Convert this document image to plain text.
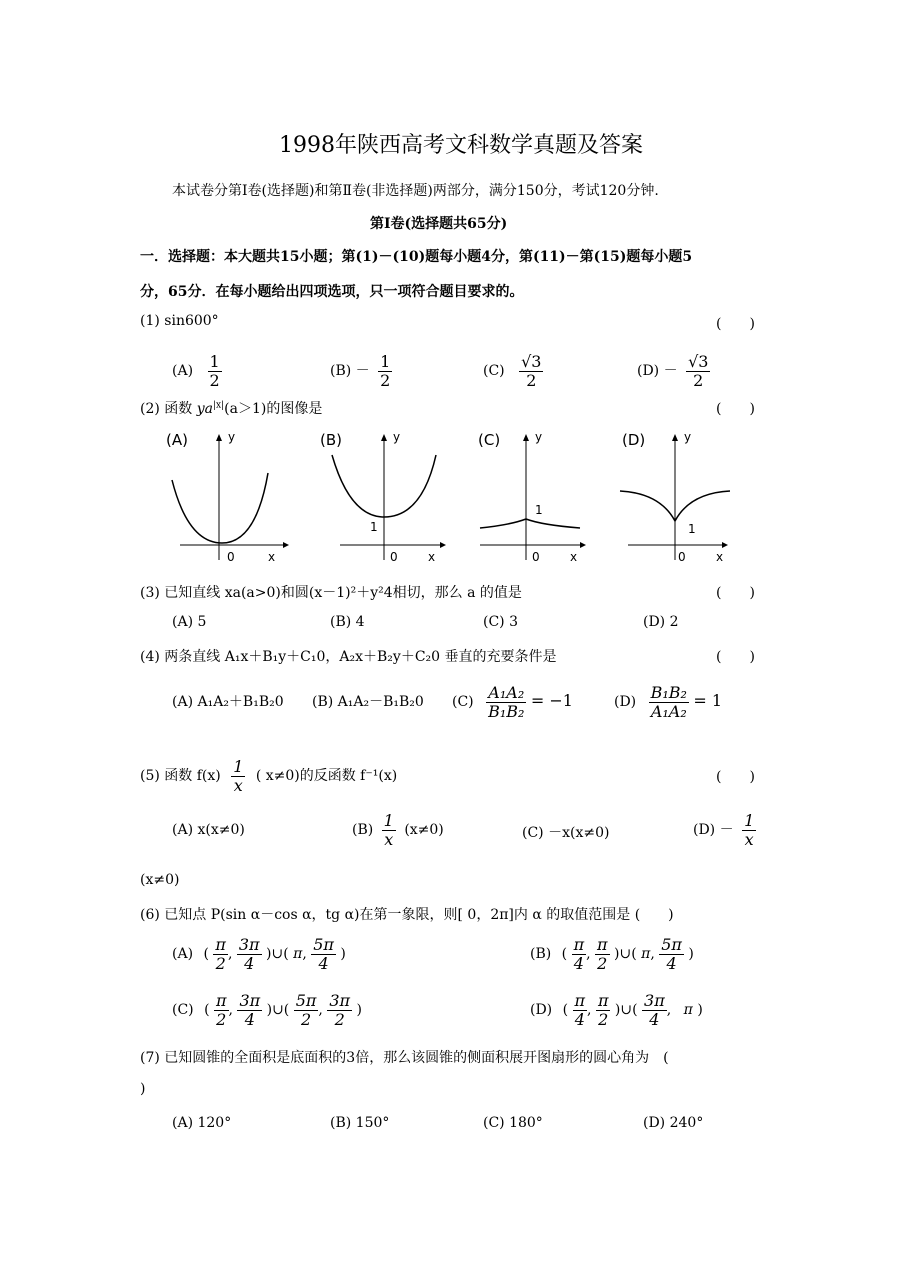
1998年陕西高考文科数学真题及答案
本试卷分第Ⅰ卷(选择题)和第Ⅱ卷(非选择题)两部分，满分150分，考试120分钟.
第Ⅰ卷(选择题共65分)
一．选择题：本大题共15小题；第(1)－(10)题每小题4分，第(11)－第(15)题每小题5
分，65分．在每小题给出四项选项，只一项符合题目要求的。
(1) sin600°	(　　)
$(A) \frac{1}{2}$	$(B) - \frac{1}{2}$	$(C) \frac{√3}{2}$	$(D) - \frac{√3}{2}$
(2) 函数 $ya^{|x|}(a>1)$的图像是	(　　)
(A)	y
0	x
(B)	y
1
0	x
(C)	y
1
0	x
(D)	y
1
0	x
(3) 已知直线 xa(a>0)和圆(x－1)²＋y²4相切，那么 a 的值是	(　　)
(A) 5	(B) 4	(C) 3	(D) 2
(4) 两条直线 A₁x＋B₁y＋C₁0，A₂x＋B₂y＋C₂0 垂直的充要条件是	(　　)
(A) A₁A₂＋B₁B₂0 (B) A₁A₂－B₁B₂0 $(C) \frac{\text{A₁A₂}}{\text{B₁B₂}} = -1$	$(D) \frac{\text{B₁B₂}}{\text{A₁A₂}} = 1$
(5) 函数 $f(x) \frac{1}{x}$ ( x≠0)的反函数 f⁻¹(x)	(　　)
(A) x(x≠0)	$(B) \frac{1}{x} (x\ne 0)$	(C) －x(x≠0)	$(D) - \frac{1}{x}$
(x≠0)
(6) 已知点 P(sin α－cos α，tg α)在第一象限，则[ 0，2π]内 α 的取值范围是 (　　)
(A) ( $\frac{\pi}{2}$ , $\frac{3\pi}{4}$ )∪( π, $\frac{5\pi}{4}$ )	(B) ( $\frac{\pi}{4}$ , $\frac{\pi}{2}$ )∪( π, $\frac{5\pi}{4}$ )
(C) ( $\frac{\pi}{2}$ , $\frac{3\pi}{4}$ )∪( $\frac{5\pi}{2}$ , $\frac{3\pi}{2}$ )	(D) ( $\frac{\pi}{4}$ , $\frac{\pi}{2}$ )∪( $\frac{3\pi}{4}$ , π )
(7) 已知圆锥的全面积是底面积的3倍，那么该圆锥的侧面积展开图扇形的圆心角为　(
)
(A) 120°	(B) 150°	(C) 180°	(D) 240°
